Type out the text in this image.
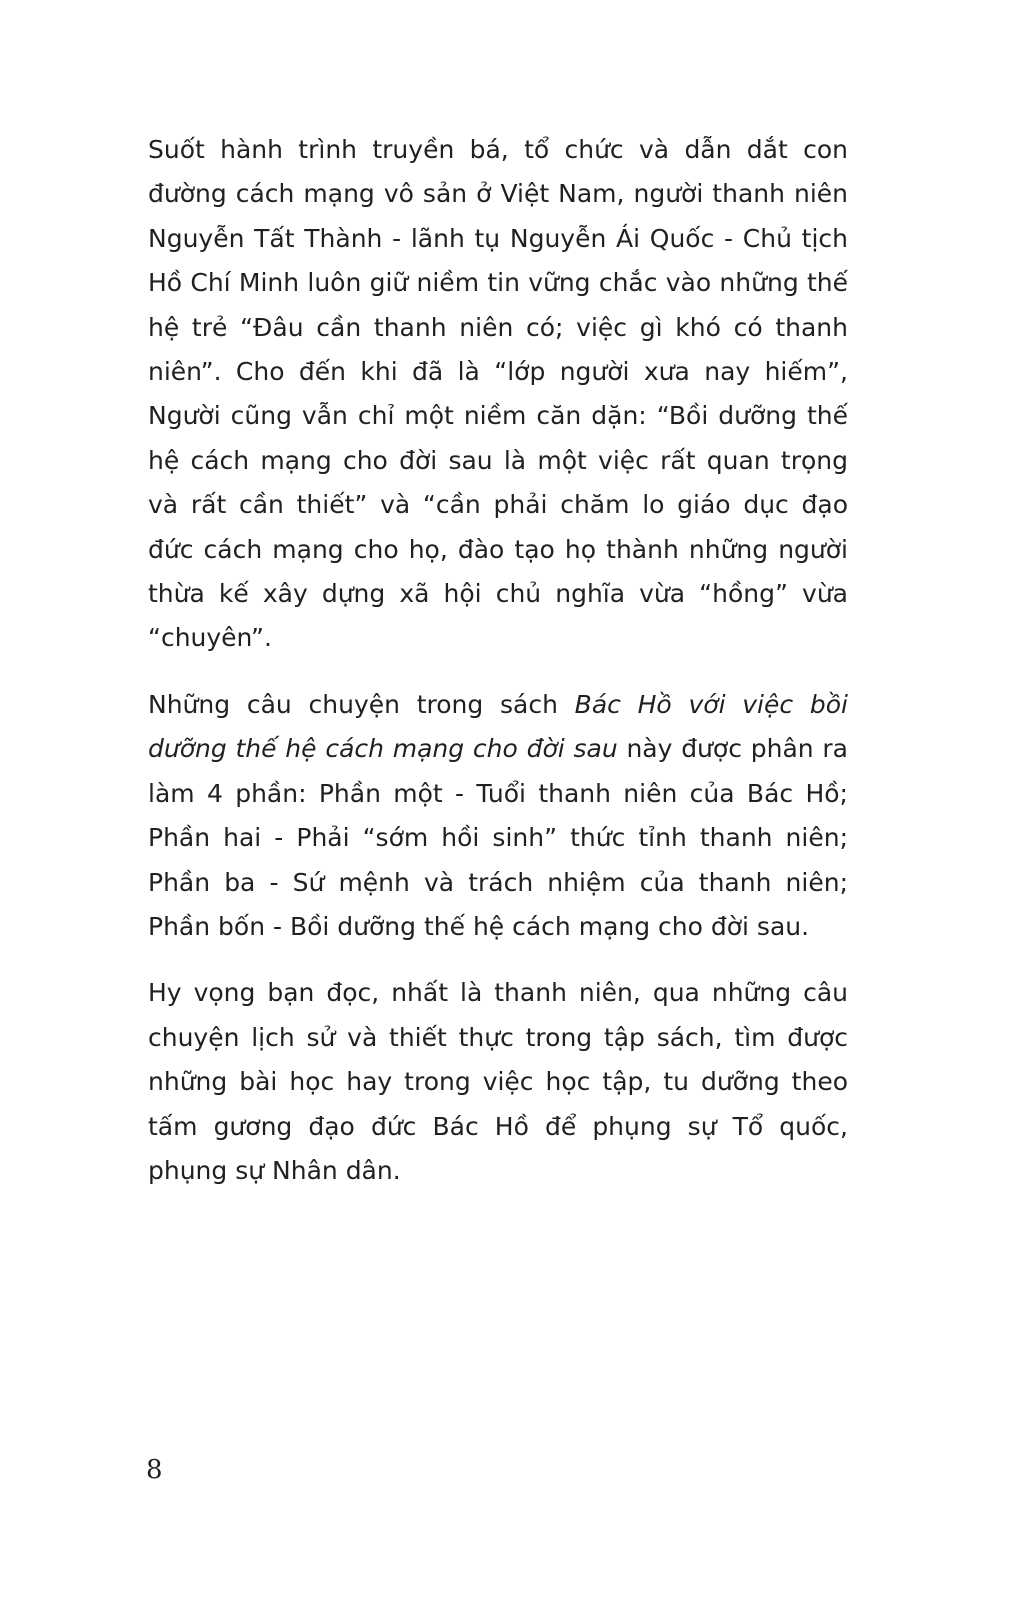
Suốt hành trình truyền bá, tổ chức và dẫn dắt con đường cách mạng vô sản ở Việt Nam, người thanh niên Nguyễn Tất Thành - lãnh tụ Nguyễn Ái Quốc - Chủ tịch Hồ Chí Minh luôn giữ niềm tin vững chắc vào những thế hệ trẻ “Đâu cần thanh niên có; việc gì khó có thanh niên”. Cho đến khi đã là “lớp người xưa nay hiếm”, Người cũng vẫn chỉ một niềm căn dặn: “Bồi dưỡng thế hệ cách mạng cho đời sau là một việc rất quan trọng và rất cần thiết” và “cần phải chăm lo giáo dục đạo đức cách mạng cho họ, đào tạo họ thành những người thừa kế xây dựng xã hội chủ nghĩa vừa “hồng” vừa “chuyên”.

Những câu chuyện trong sách Bác Hồ với việc bồi dưỡng thế hệ cách mạng cho đời sau này được phân ra làm 4 phần: Phần một - Tuổi thanh niên của Bác Hồ; Phần hai - Phải “sớm hồi sinh” thức tỉnh thanh niên; Phần ba - Sứ mệnh và trách nhiệm của thanh niên; Phần bốn - Bồi dưỡng thế hệ cách mạng cho đời sau.

Hy vọng bạn đọc, nhất là thanh niên, qua những câu chuyện lịch sử và thiết thực trong tập sách, tìm được những bài học hay trong việc học tập, tu dưỡng theo tấm gương đạo đức Bác Hồ để phụng sự Tổ quốc, phụng sự Nhân dân.

8
